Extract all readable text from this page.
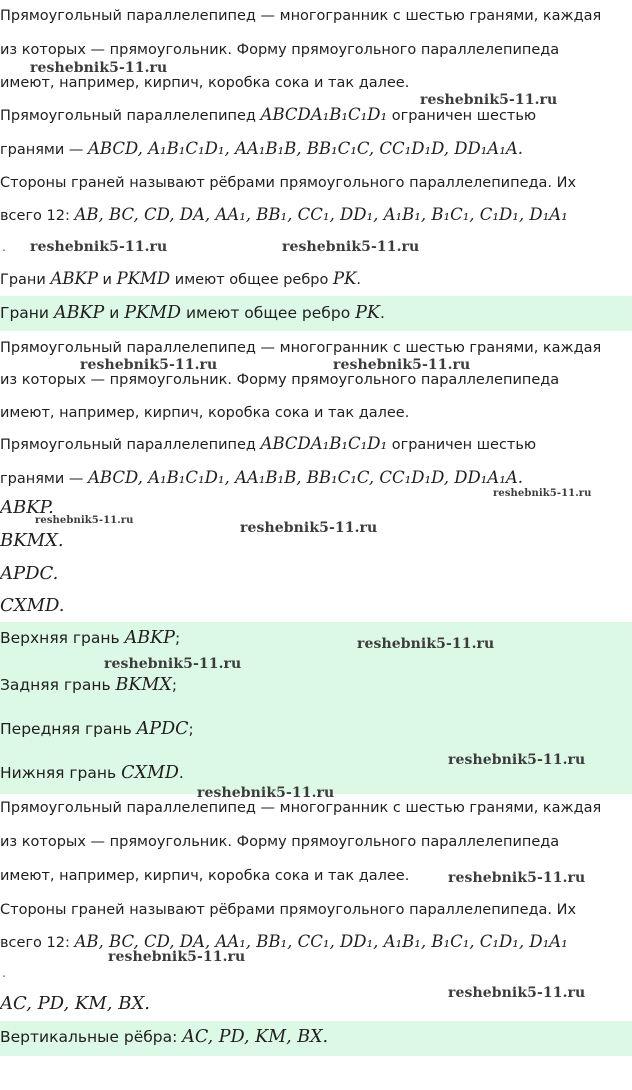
Прямоугольный параллелепипед — многогранник с шестью гранями, каждая
из которых — прямоугольник. Форму прямоугольного параллелепипеда
имеют, например, кирпич, коробка сока и так далее.
Прямоугольный параллелепипед ABCDA₁B₁C₁D₁ ограничен шестью
гранями — ABCD, A₁B₁C₁D₁, AA₁B₁B, BB₁C₁C, CC₁D₁D, DD₁A₁A.
Стороны граней называют рёбрами прямоугольного параллелепипеда. Их
всего 12: AB, BC, CD, DA, AA₁, BB₁, CC₁, DD₁, A₁B₁, B₁C₁, C₁D₁, D₁A₁
.
Грани ABKP и PKMD имеют общее ребро PK.
Грани ABKP и PKMD имеют общее ребро PK.
Прямоугольный параллелепипед — многогранник с шестью гранями, каждая
из которых — прямоугольник. Форму прямоугольного параллелепипеда
имеют, например, кирпич, коробка сока и так далее.
Прямоугольный параллелепипед ABCDA₁B₁C₁D₁ ограничен шестью
гранями — ABCD, A₁B₁C₁D₁, AA₁B₁B, BB₁C₁C, CC₁D₁D, DD₁A₁A.
ABKP.
BKMX.
APDC.
CXMD.
Верхняя грань ABKP;
Задняя грань BKMX;
Передняя грань APDC;
Нижняя грань CXMD.
Прямоугольный параллелепипед — многогранник с шестью гранями, каждая
из которых — прямоугольник. Форму прямоугольного параллелепипеда
имеют, например, кирпич, коробка сока и так далее.
Стороны граней называют рёбрами прямоугольного параллелепипеда. Их
всего 12: AB, BC, CD, DA, AA₁, BB₁, CC₁, DD₁, A₁B₁, B₁C₁, C₁D₁, D₁A₁
.
AC, PD, KM, BX.
Вертикальные рёбра: AC, PD, KM, BX.
reshebnik5-11.ru
reshebnik5-11.ru
reshebnik5-11.ru	reshebnik5-11.ru
reshebnik5-11.ru	reshebnik5-11.ru
reshebnik5-11.ru
reshebnik5-11.ru	reshebnik5-11.ru
reshebnik5-11.ru
reshebnik5-11.ru
reshebnik5-11.ru
reshebnik5-11.ru
reshebnik5-11.ru
reshebnik5-11.ru
reshebnik5-11.ru
